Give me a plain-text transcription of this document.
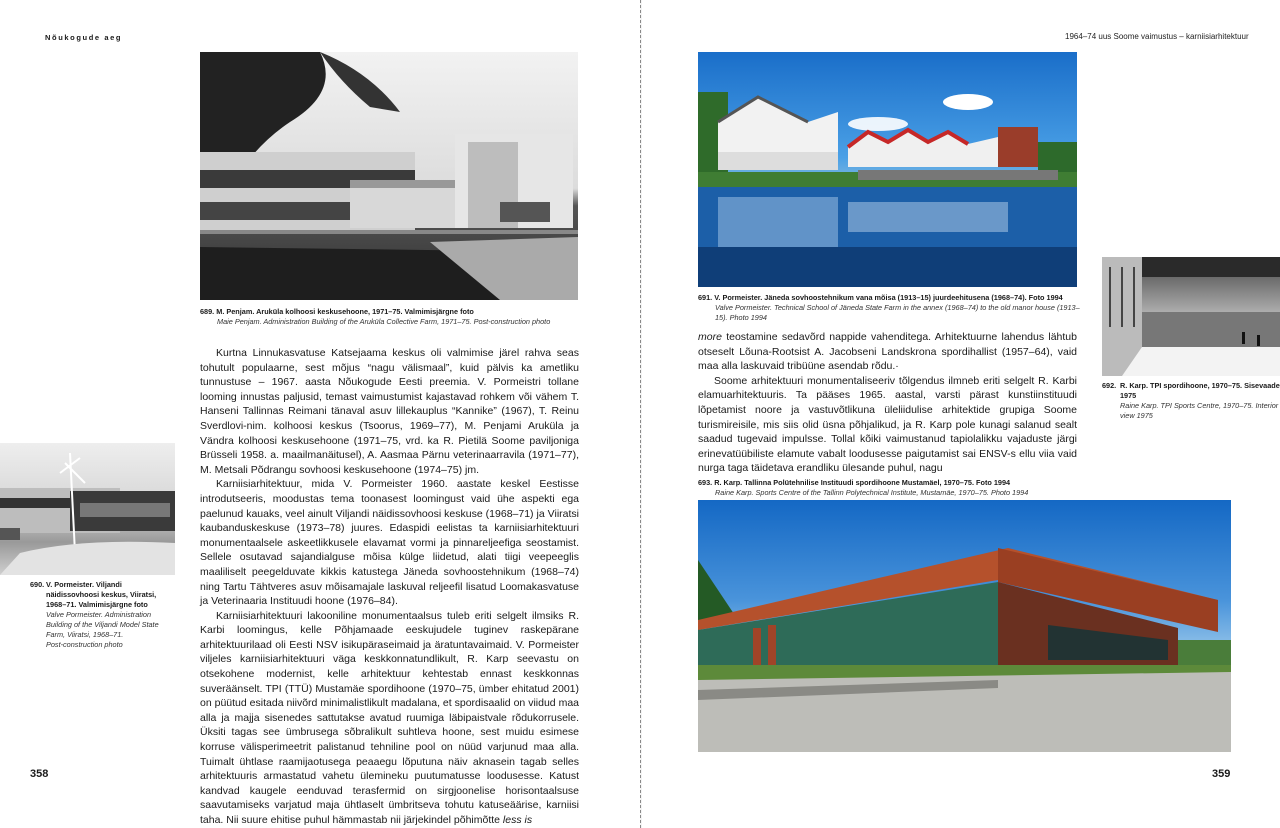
Nõukogude aeg	1964–74 uus Soome vaimustus – karniisiarhitektuur
689. M. Penjam. Aruküla kolhoosi keskusehoone, 1971–75. Valmimisjärgne foto
Maie Penjam. Administration Building of the Aruküla Collective Farm, 1971–75. Post-construction photo
690. V. Pormeister. Viljandi näidissovhoosi keskus, Viiratsi, 1968–71. Valmimisjärgne foto
Valve Pormeister. Administration Building of the Viljandi Model State Farm, Viiratsi, 1968–71.
Post-construction photo

Kurtna Linnukasvatuse Katsejaama keskus oli valmimise järel rahva seas tohutult populaarne, sest mõjus “nagu välismaal”, kuid pälvis ka ametliku tunnustuse – 1967. aasta Nõukogude Eesti preemia. V. Pormeistri tollane looming innustas paljusid, temast vaimustumist kajastavad rohkem või vähem T. Hanseni Tallinnas Reimani tänaval asuv lillekauplus “Kannike” (1967), T. Reinu Sverdlovi-nim. kolhoosi keskus (Tsoorus, 1969–77), M. Penjami Aruküla ja Vändra kolhoosi keskusehoone (1971–75, vrd. ka R. Pietilä Soome paviljoniga Brüsseli 1958. a. maailmanäitusel), A. Aasmaa Pärnu veterinaarravila (1971–77), M. Metsali Põdrangu sovhoosi keskusehoone (1974–75) jm.

Karniisiarhitektuur, mida V. Pormeister 1960. aastate keskel Eestisse introdutseeris, moodustas tema toonasest loomingust vaid ühe aspekti ega paelunud kauaks, veel ainult Viljandi näidissovhoosi keskuse (1968–71) ja Viiratsi kaubanduskeskuse (1973–78) juures. Edaspidi eelistas ta karniisiarhitektuuri monumentaalsele askeetlikkusele elavamat vormi ja pinnareljeefiga seostamist. Sellele osutavad sajandialguse mõisa külge liidetud, alati tiigi veepeeglis maaliliselt peegelduvate kikkis katustega Jäneda sovhoostehnikum (1968–74) ning Tartu Tähtveres asuv mõisamajale laskuval reljeefil lisatud Loomakasvatuse ja Veterinaaria Instituudi hoone (1976–84).

Karniisiarhitektuuri lakooniline monumentaalsus tuleb eriti selgelt ilmsiks R. Karbi loomingus, kelle Põhjamaade eeskujudele tuginev raskepärane arhitektuurilaad oli Eesti NSV isikupäraseimaid ja äratuntavaimaid. V. Pormeister viljeles karniisiarhitektuuri väga keskkonnatundlikult, R. Karp seevastu on otsekohene modernist, kelle arhitektuur kehtestab ennast keskkonnas suveräänselt. TPI (TTÜ) Mustamäe spordihoone (1970–75, ümber ehitatud 2001) on püütud esitada niivõrd minimalistlikult madalana, et spordisaalid on viidud maa alla ja majja sisenedes sattutakse avatud ruumiga läbipaistvale rõdukorrusele. Üksiti tagas see ümbrusega sõbralikult suhtleva hoone, sest muidu esimese korruse välisperimeetrit palistanud tehniline pool on nüüd varjunud maa alla. Tuimalt ühtlase raamijaotusega peaaegu lõputuna näiv aknasein tagab selles arhitektuuris armastatud vahetu ülemineku puutumatusse loodusesse. Katust kandvad kaugele eenduvad terasfermid on sirgjoonelise horisontaalsuse saavutamiseks varjatud maja ühtlaselt ümbritseva tohutu katuseäärise, karniisi taha. Nii suure ehitise puhul hämmastab nii järjekindel põhimõtte less is

358
691. V. Pormeister. Jäneda sovhoostehnikum vana mõisa (1913–15) juurdeehitusena (1968–74). Foto 1994
Valve Pormeister. Technical School of Jäneda State Farm in the annex (1968–74) to the old manor house (1913–15). Photo 1994
692. R. Karp. TPI spordihoone, 1970–75. Sisevaade 1975
Raine Karp. TPI Sports Centre, 1970–75. Interior view 1975

more teostamine sedavõrd nappide vahenditega. Arhitektuurne lahendus lähtub otseselt Lõuna-Rootsist A. Jacobseni Landskrona spordihallist (1957–64), vaid maa alla laskuvaid tribüüne asendab rõdu.·

Soome arhitektuuri monumentaliseeriv tõlgendus ilmneb eriti selgelt R. Karbi elamuarhitektuuris. Ta pääses 1965. aastal, varsti pärast kunstiinstituudi lõpetamist noore ja vastuvõtlikuna üleliidulise arhitektide grupiga Soome turismireisile, mis siis olid üsna põhjalikud, ja R. Karp pole kunagi salanud sealt saadud tugevaid impulsse. Tollal kõiki vaimustanud tapiolalikku vajaduste järgi erinevatüübiliste elamute vabalt loodusesse paigutamist sai ENSV-s ellu viia vaid nurga taga täidetava erandliku ülesande puhul, nagu

693. R. Karp. Tallinna Polütehnilise Instituudi spordihoone Mustamäel, 1970–75. Foto 1994
Raine Karp. Sports Centre of the Tallinn Polytechnical Institute, Mustamäe, 1970–75. Photo 1994
359
